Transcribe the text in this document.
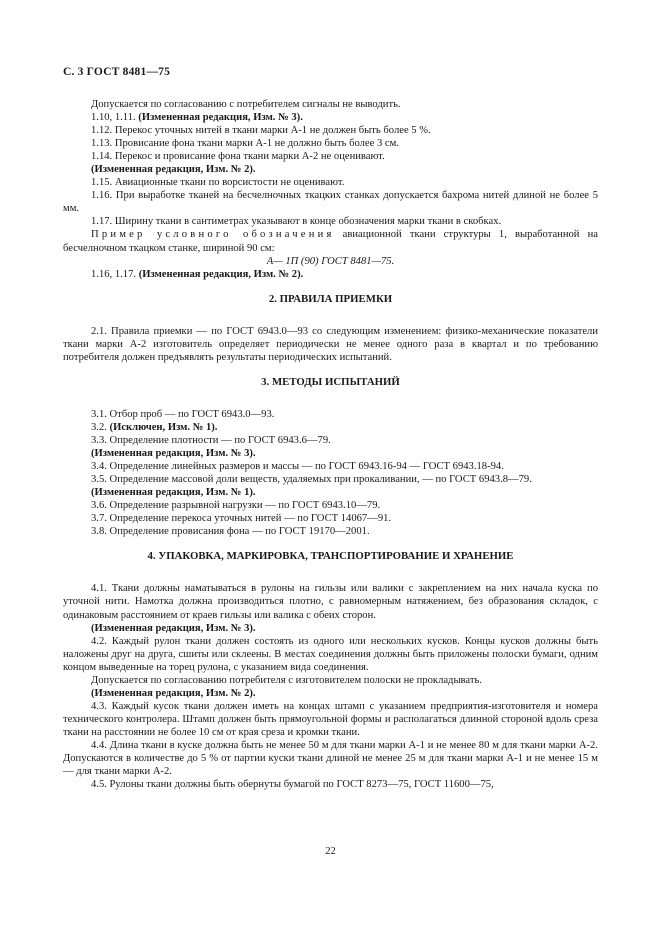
С. 3 ГОСТ 8481—75

Допускается по согласованию с потребителем сигналы не выводить.

1.10, 1.11. (Измененная редакция, Изм. № 3).

1.12. Перекос уточных нитей в ткани марки А-1 не должен быть более 5 %.

1.13. Провисание фона ткани марки А-1 не должно быть более 3 см.

1.14. Перекос и провисание фона ткани марки А-2 не оценивают.

(Измененная редакция, Изм. № 2).

1.15. Авиационные ткани по ворсистости не оценивают.

1.16. При выработке тканей на бесчелночных ткацких станках допускается бахрома нитей длиной не более 5 мм.

1.17. Ширину ткани в сантиметрах указывают в конце обозначения марки ткани в скобках.

Пример условного обозначения авиационной ткани структуры 1, выработанной на бесчелночном ткацком станке, шириной 90 см:

А— 1П (90) ГОСТ 8481—75.

1.16, 1.17. (Измененная редакция, Изм. № 2).

2. ПРАВИЛА ПРИЕМКИ

2.1. Правила приемки — по ГОСТ 6943.0—93 со следующим изменением: физико-механические показатели ткани марки А-2 изготовитель определяет периодически не менее одного раза в квартал и по требованию потребителя должен предъявлять результаты периодических испытаний.

3. МЕТОДЫ ИСПЫТАНИЙ

3.1. Отбор проб — по ГОСТ 6943.0—93.

3.2. (Исключен, Изм. № 1).

3.3. Определение плотности — по ГОСТ 6943.6—79.

(Измененная редакция, Изм. № 3).

3.4. Определение линейных размеров и массы — по ГОСТ 6943.16-94 — ГОСТ 6943.18-94.

3.5. Определение массовой доли веществ, удаляемых при прокаливании, — по ГОСТ 6943.8—79.

(Измененная редакция, Изм. № 1).

3.6. Определение разрывной нагрузки — по ГОСТ 6943.10—79.

3.7. Определение перекоса уточных нитей — по ГОСТ 14067—91.

3.8. Определение провисания фона — по ГОСТ 19170—2001.

4. УПАКОВКА, МАРКИРОВКА, ТРАНСПОРТИРОВАНИЕ И ХРАНЕНИЕ

4.1. Ткани должны наматываться в рулоны на гильзы или валики с закреплением на них начала куска по уточной нити. Намотка должна производиться плотно, с равномерным натяжением, без образования складок, с одинаковым расстоянием от краев гильзы или валика с обеих сторон.

(Измененная редакция, Изм. № 3).

4.2. Каждый рулон ткани должен состоять из одного или нескольких кусков. Концы кусков должны быть наложены друг на друга, сшиты или склеены. В местах соединения должны быть приложены полоски бумаги, одним концом выведенные на торец рулона, с указанием вида соединения.

Допускается по согласованию потребителя с изготовителем полоски не прокладывать.

(Измененная редакция, Изм. № 2).

4.3. Каждый кусок ткани должен иметь на концах штамп с указанием предприятия-изготовителя и номера технического контролера. Штамп должен быть прямоугольной формы и располагаться длинной стороной вдоль среза ткани на расстоянии не более 10 см от края среза и кромки ткани.

4.4. Длина ткани в куске должна быть не менее 50 м для ткани марки А-1 и не менее 80 м для ткани марки А-2. Допускаются в количестве до 5 % от партии куски ткани длиной не менее 25 м для ткани марки А-1 и не менее 15 м — для ткани марки А-2.

4.5. Рулоны ткани должны быть обернуты бумагой по ГОСТ 8273—75, ГОСТ 11600—75,

22
